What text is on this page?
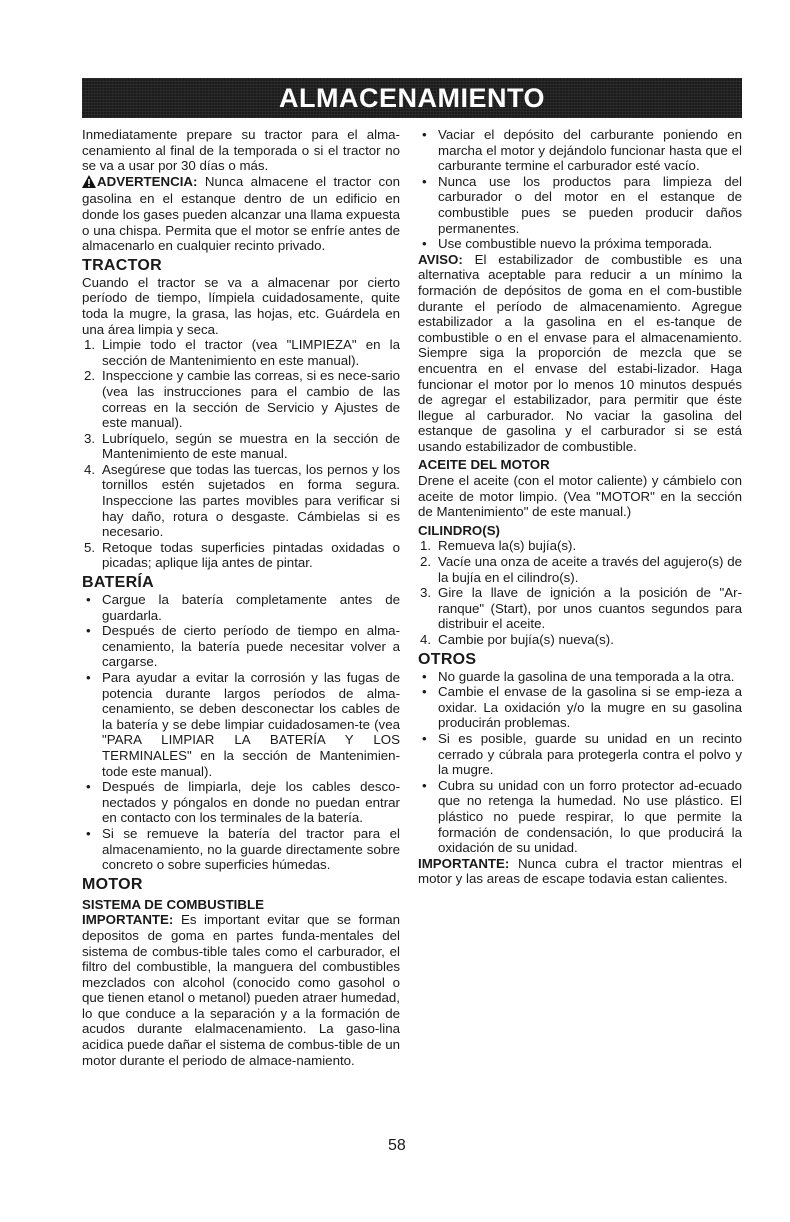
ALMACENAMIENTO

Inmediatamente prepare su tractor para el alma-cenamiento al final de la temporada o si el tractor no se va a usar por 30 días o más.

ADVERTENCIA: Nunca almacene el tractor con gasolina en el estanque dentro de un edificio en donde los gases pueden alcanzar una llama expuesta o una chispa. Permita que el motor se enfríe antes de almacenarlo en cualquier recinto privado.

TRACTOR

Cuando el tractor se va a almacenar por cierto período de tiempo, límpiela cuidadosamente, quite toda la mugre, la grasa, las hojas, etc. Guárdela en una área limpia y seca.

1. Limpie todo el tractor (vea "LIMPIEZA" en la sección de Mantenimiento en este manual).
2. Inspeccione y cambie las correas, si es nece-sario (vea las instrucciones para el cambio de las correas en la sección de Servicio y Ajustes de este manual).
3. Lubríquelo, según se muestra en la sección de Mantenimiento de este manual.
4. Asegúrese que todas las tuercas, los pernos y los tornillos estén sujetados en forma segura. Inspeccione las partes movibles para verificar si hay daño, rotura o desgaste. Cámbielas si es necesario.
5. Retoque todas superficies pintadas oxidadas o picadas; aplique lija antes de pintar.
BATERÍA
• Cargue la batería completamente antes de guardarla.
• Después de cierto período de tiempo en alma-cenamiento, la batería puede necesitar volver a cargarse.
• Para ayudar a evitar la corrosión y las fugas de potencia durante largos períodos de alma-cenamiento, se deben desconectar los cables de la batería y se debe limpiar cuidadosamen-te (vea "PARA LIMPIAR LA BATERÍA Y LOS TERMINALES" en la sección de Mantenimien-tode este manual).
• Después de limpiarla, deje los cables desco-nectados y póngalos en donde no puedan entrar en contacto con los terminales de la batería.
• Si se remueve la batería del tractor para el almacenamiento, no la guarde directamente sobre concreto o sobre superficies húmedas.
MOTOR
SISTEMA DE COMBUSTIBLE

IMPORTANTE: Es important evitar que se forman depositos de goma en partes funda-mentales del sistema de combus-tible tales como el carburador, el filtro del combustible, la manguera del combustibles mezclados con alcohol (conocido como gasohol o que tienen etanol o metanol) pueden atraer humedad, lo que conduce a la separación y a la formación de acudos durante elalmacenamiento. La gaso-lina acidica puede dañar el sistema de combus-tible de un motor durante el periodo de almace-namiento.

• Vaciar el depósito del carburante poniendo en marcha el motor y dejándolo funcionar hasta que el carburante termine el carburador esté vacío.
• Nunca use los productos para limpieza del carburador o del motor en el estanque de combustible pues se pueden producir daños permanentes.
• Use combustible nuevo la próxima temporada.

AVISO: El estabilizador de combustible es una alternativa aceptable para reducir a un mínimo la formación de depósitos de goma en el com-bustible durante el período de almacenamiento. Agregue estabilizador a la gasolina en el es-tanque de combustible o en el envase para el almacenamiento. Siempre siga la proporción de mezcla que se encuentra en el envase del estabi-lizador. Haga funcionar el motor por lo menos 10 minutos después de agregar el estabilizador, para permitir que éste llegue al carburador. No vaciar la gasolina del estanque de gasolina y el carburador si se está usando estabilizador de combustible.

ACEITE DEL MOTOR

Drene el aceite (con el motor caliente) y cámbielo con aceite de motor limpio. (Vea "MOTOR" en la sección de Mantenimiento" de este manual.)

CILINDRO(S)
1. Remueva la(s) bujía(s).
2. Vacíe una onza de aceite a través del agujero(s) de la bujía en el cilindro(s).
3. Gire la llave de ignición a la posición de "Ar-ranque" (Start), por unos cuantos segundos para distribuir el aceite.
4. Cambie por bujía(s) nueva(s).
OTROS
• No guarde la gasolina de una temporada a la otra.
• Cambie el envase de la gasolina si se emp-ieza a oxidar. La oxidación y/o la mugre en su gasolina producirán problemas.
• Si es posible, guarde su unidad en un recinto cerrado y cúbrala para protegerla contra el polvo y la mugre.
• Cubra su unidad con un forro protector ad-ecuado que no retenga la humedad. No use plástico. El plástico no puede respirar, lo que permite la formación de condensación, lo que producirá la oxidación de su unidad.

IMPORTANTE: Nunca cubra el tractor mientras el motor y las areas de escape todavia estan calientes.

58
